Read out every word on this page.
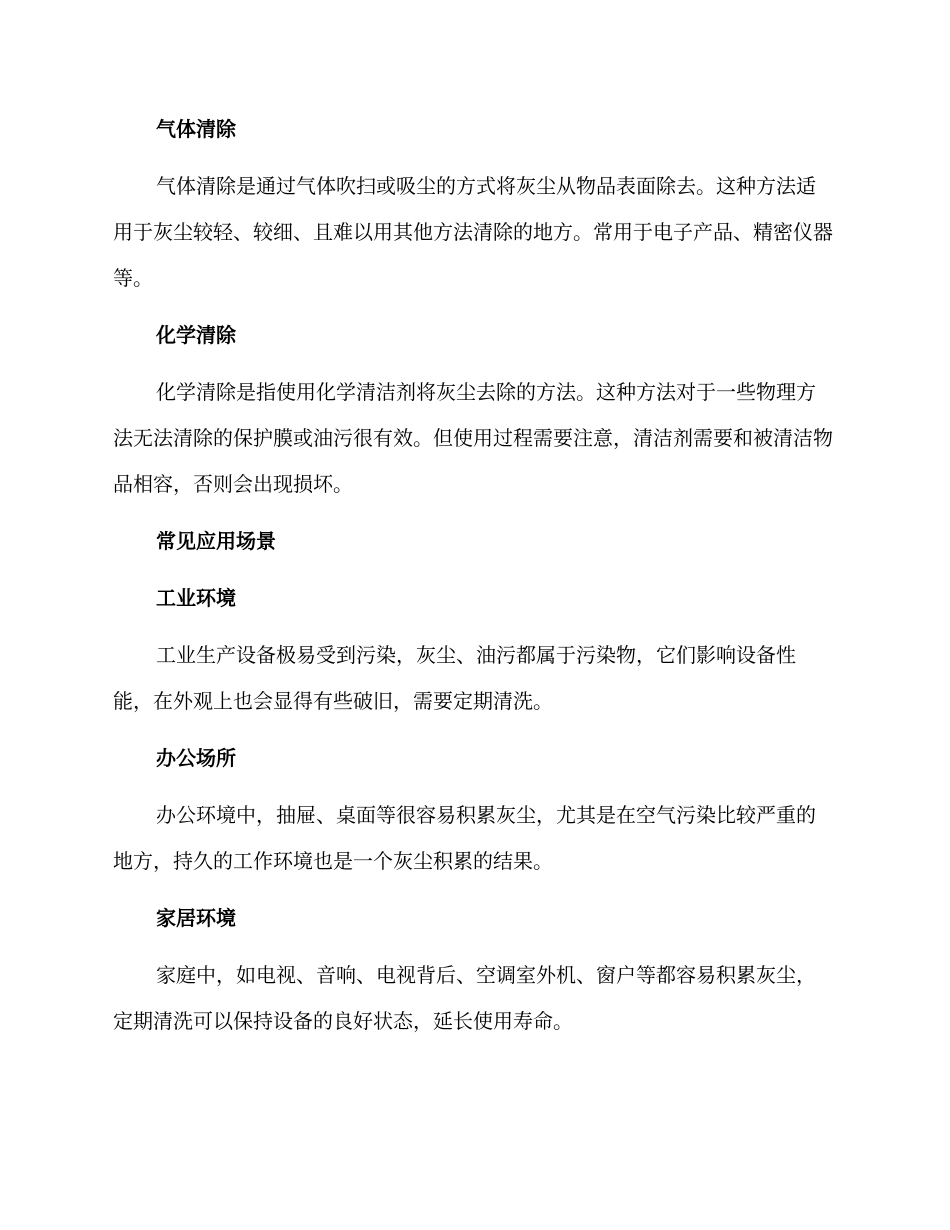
气体清除

气体清除是通过气体吹扫或吸尘的方式将灰尘从物品表面除去。这种方法适用于灰尘较轻、较细、且难以用其他方法清除的地方。常用于电子产品、精密仪器等。

化学清除

化学清除是指使用化学清洁剂将灰尘去除的方法。这种方法对于一些物理方法无法清除的保护膜或油污很有效。但使用过程需要注意，清洁剂需要和被清洁物品相容，否则会出现损坏。

常见应用场景
工业环境

工业生产设备极易受到污染，灰尘、油污都属于污染物，它们影响设备性能，在外观上也会显得有些破旧，需要定期清洗。

办公场所

办公环境中，抽屉、桌面等很容易积累灰尘，尤其是在空气污染比较严重的地方，持久的工作环境也是一个灰尘积累的结果。

家居环境

家庭中，如电视、音响、电视背后、空调室外机、窗户等都容易积累灰尘，定期清洗可以保持设备的良好状态，延长使用寿命。
